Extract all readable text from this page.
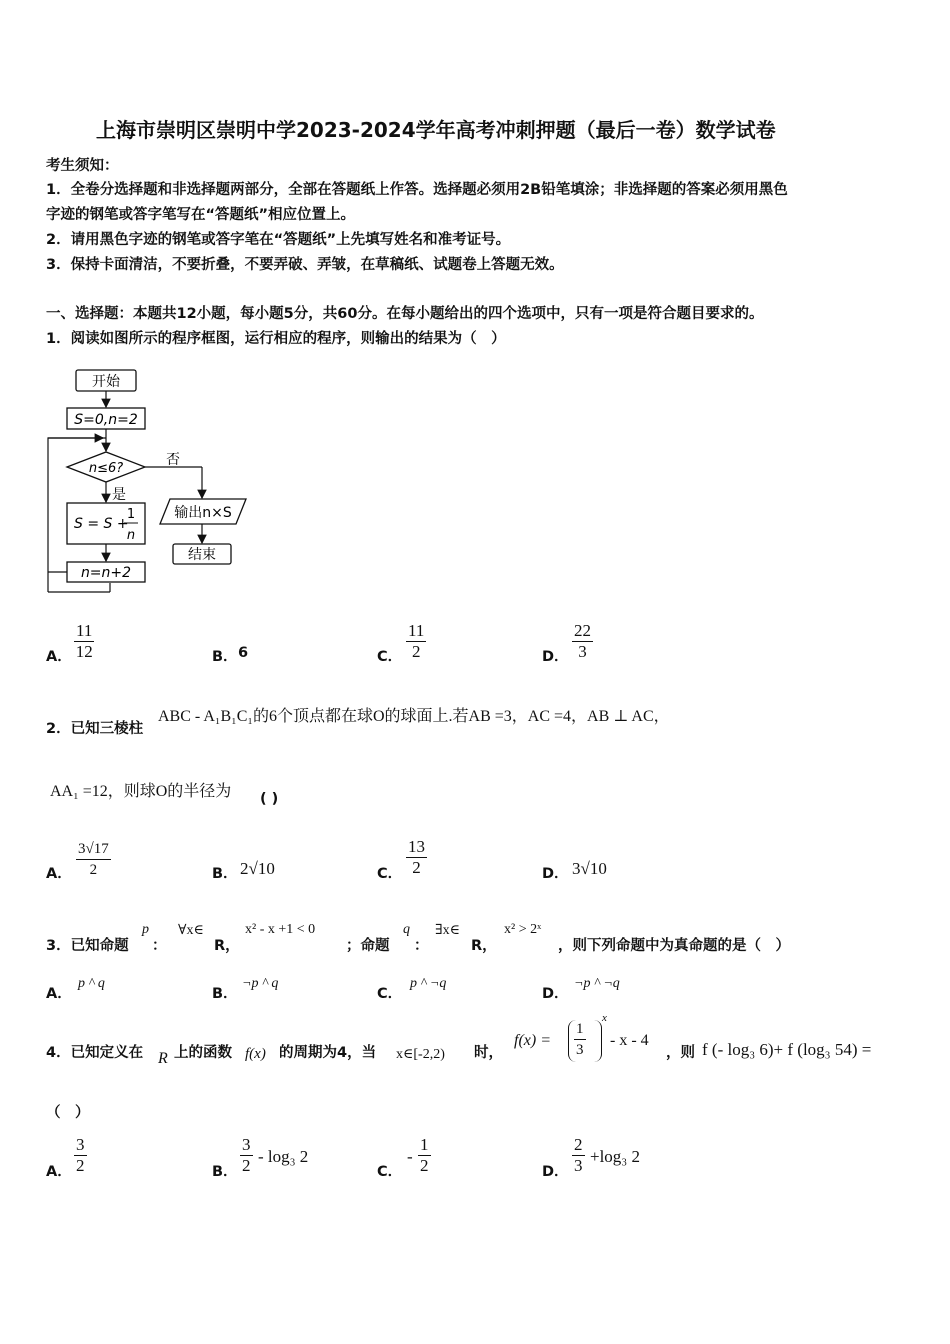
上海市崇明区崇明中学2023-2024学年高考冲刺押题（最后一卷）数学试卷
考生须知：
1．全卷分选择题和非选择题两部分，全部在答题纸上作答。选择题必须用2B铅笔填涂；非选择题的答案必须用黑色
字迹的钢笔或答字笔写在“答题纸”相应位置上。
2．请用黑色字迹的钢笔或答字笔在“答题纸”上先填写姓名和准考证号。
3．保持卡面清洁，不要折叠，不要弄破、弄皱，在草稿纸、试题卷上答题无效。
一、选择题：本题共12小题，每小题5分，共60分。在每小题给出的四个选项中，只有一项是符合题目要求的。
1．阅读如图所示的程序框图，运行相应的程序，则输出的结果为（　）
开始
S=0,n=2
n≤6?
否
是
S = S +
1
n
n=n+2
输出n×S
结束
A． $\frac{11}{12}$	B． 6	C． $\frac{11}{2}$	D． $\frac{22}{3}$
2．已知三棱柱
ABC - A₁B₁C₁的6个顶点都在球O的球面上.若AB =3，AC =4，AB ⊥ AC，
AA₁ =12，则球O的半径为 ( )
A． $\frac{3√17}{2}$	B． 2√10	C． $\frac{13}{2}$	D． 3√10
3．已知命题
p
：
∀x∈
R，
x² - x +1 < 0
；命题
q
：
∃x∈
R，
x² > 2ˣ
，则下列命题中为真命题的是（　）
A．
p ^ q
B．
¬p ^ q
C．
p ^ ¬q
D．
¬p ^ ¬q
4．已知定义在 R 上的函数 f(x) 的周期为4，当 x∈[-2,2) 时，
$f(x) = \frac{1}{3}$
x
- x - 4
，则 f (- log₃ 6)+ f (log₃ 54) =
（　）
A． $\frac{3}{2}$	B． $\frac{3}{2} - \log_3$ 2
C．
- $\frac{1}{2}$	D． $\frac{2}{3} +\log_3$ 2
